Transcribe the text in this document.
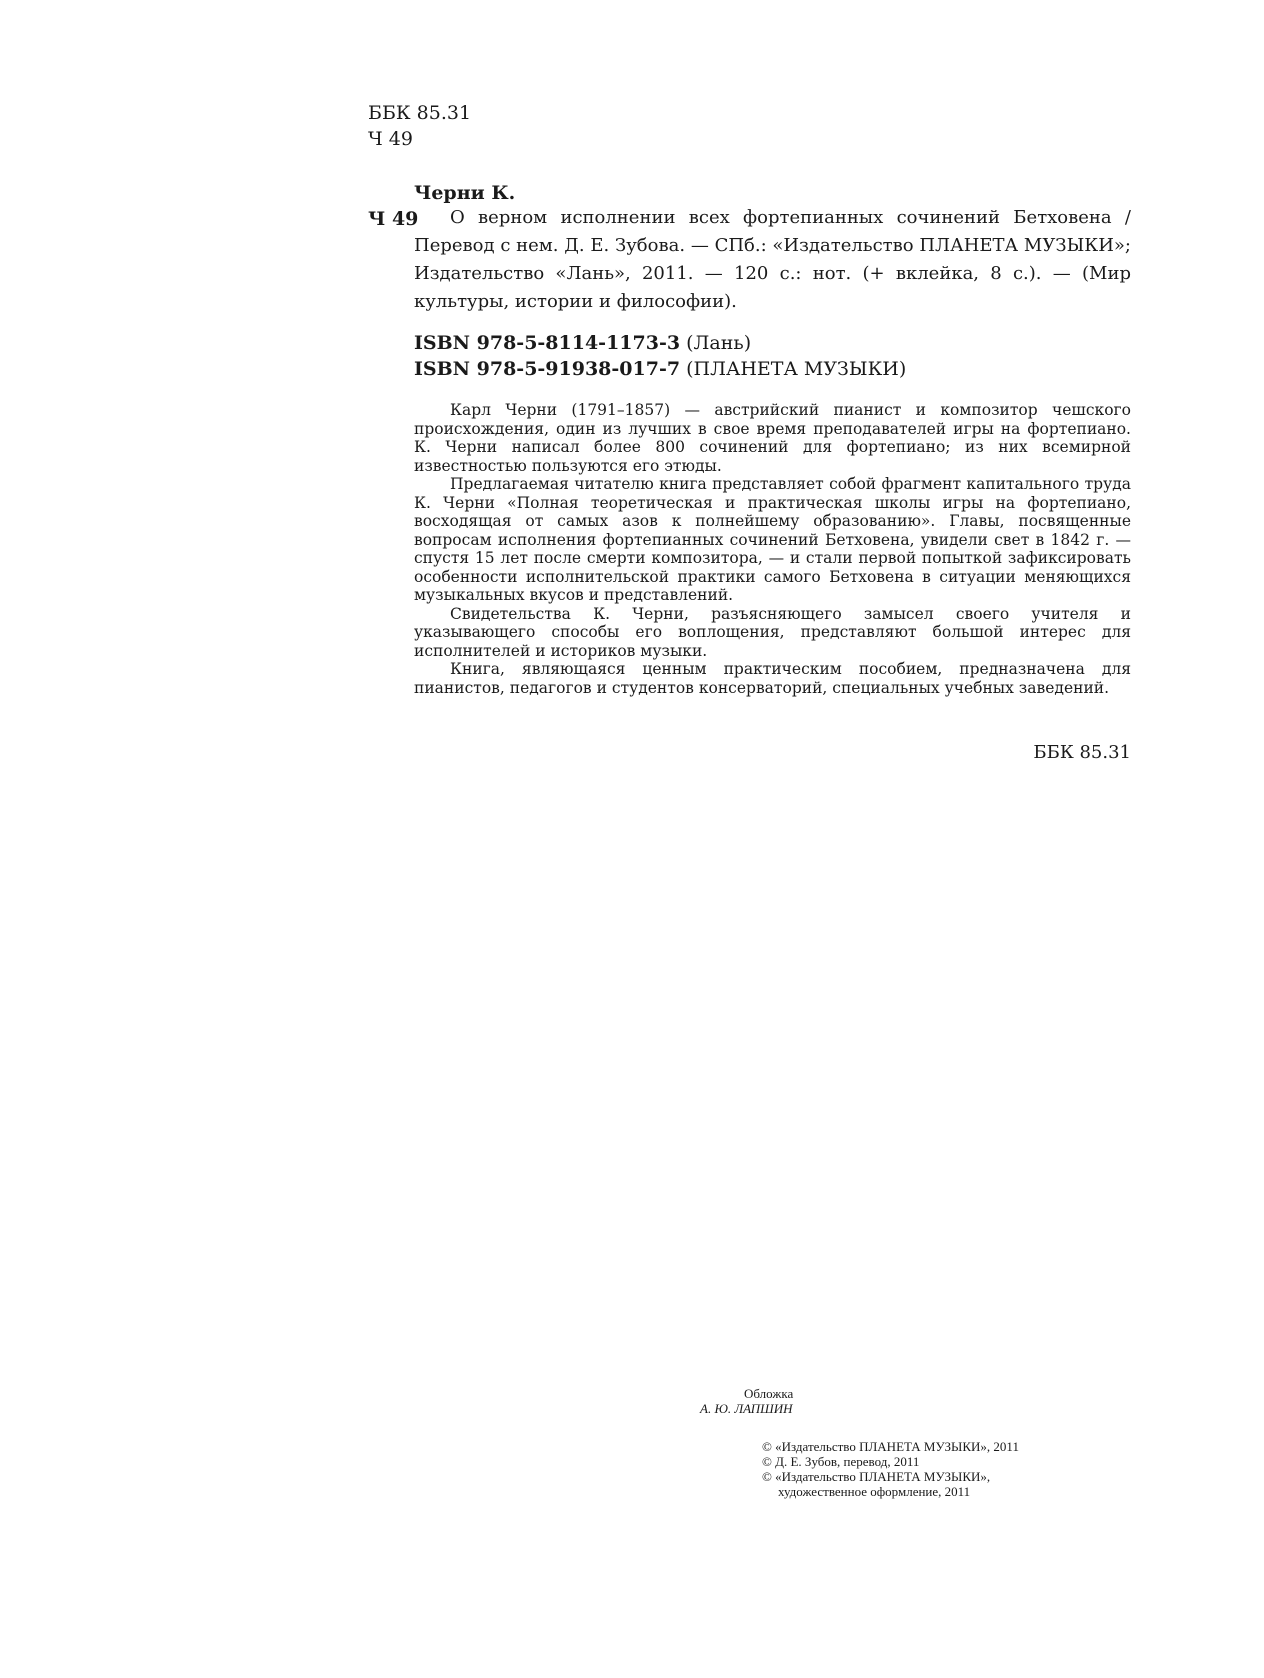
ББК 85.31
Ч 49
Черни К.
Ч 49	О верном исполнении всех фортепианных сочинений Бетховена / Перевод с нем. Д. Е. Зубова. — СПб.: «Издательство ПЛАНЕТА МУЗЫКИ»; Издательство «Лань», 2011. — 120 с.: нот. (+ вклейка, 8 с.). — (Мир культуры, истории и философии).
ISBN 978-5-8114-1173-3 (Лань)
ISBN 978-5-91938-017-7 (ПЛАНЕТА МУЗЫКИ)

Карл Черни (1791–1857) — австрийский пианист и композитор чешского происхождения, один из лучших в свое время преподавателей игры на фортепиано. К. Черни написал более 800 сочинений для фортепиано; из них всемирной известностью пользуются его этюды.

Предлагаемая читателю книга представляет собой фрагмент капитального труда К. Черни «Полная теоретическая и практическая школы игры на фортепиано, восходящая от самых азов к полнейшему образованию». Главы, посвященные вопросам исполнения фортепианных сочинений Бетховена, увидели свет в 1842 г. — спустя 15 лет после смерти композитора, — и стали первой попыткой зафиксировать особенности исполнительской практики самого Бетховена в ситуации меняющихся музыкальных вкусов и представлений.

Свидетельства К. Черни, разъясняющего замысел своего учителя и указывающего способы его воплощения, представляют большой интерес для исполнителей и историков музыки.

Книга, являющаяся ценным практическим пособием, предназначена для пианистов, педагогов и студентов консерваторий, специальных учебных заведений.

ББК 85.31
Обложка
А. Ю. ЛАПШИН
© «Издательство ПЛАНЕТА МУЗЫКИ», 2011
© Д. Е. Зубов, перевод, 2011
© «Издательство ПЛАНЕТА МУЗЫКИ»,
художественное оформление, 2011
